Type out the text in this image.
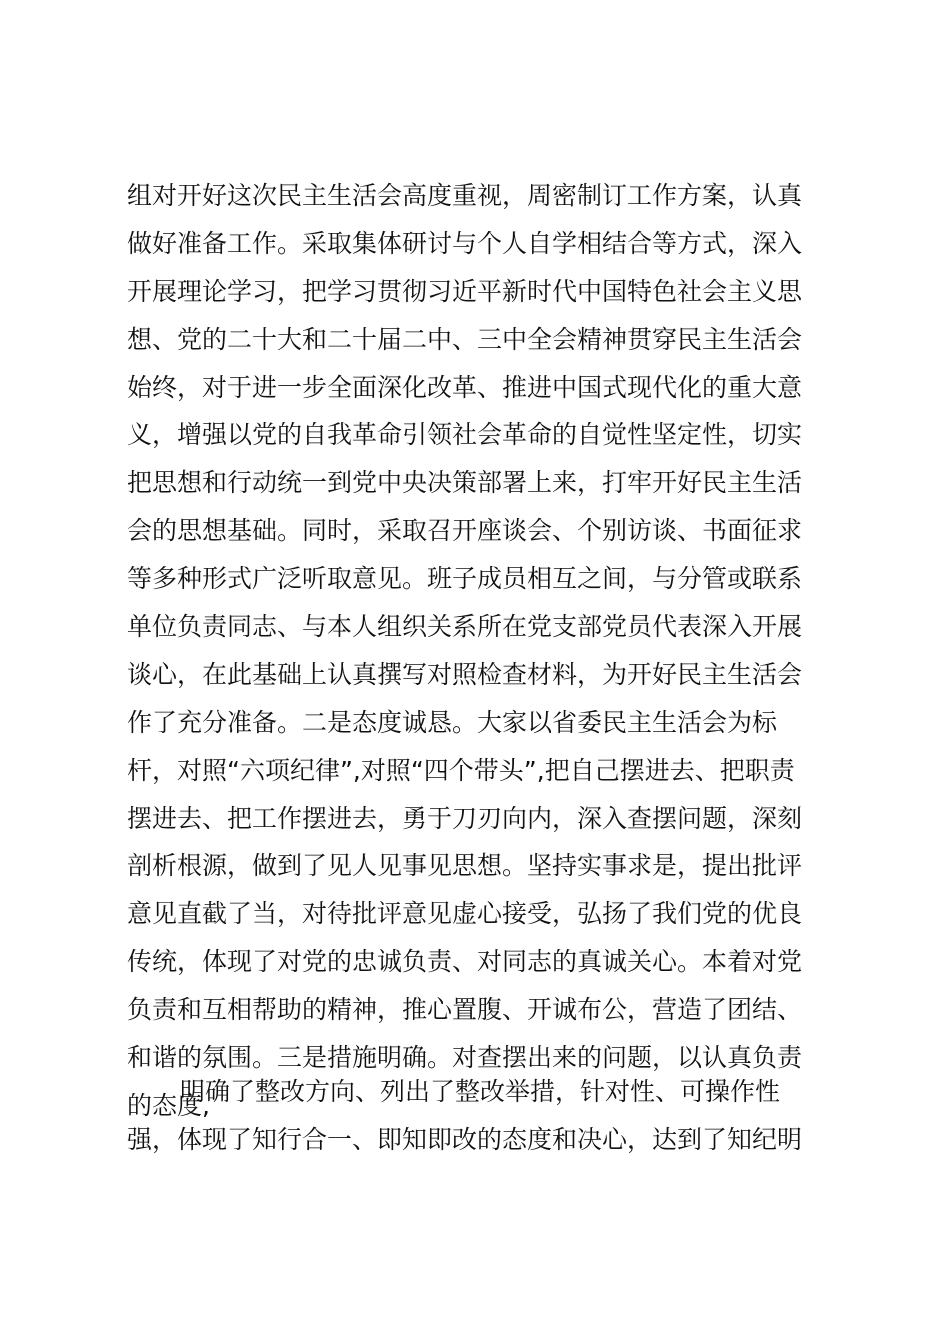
组对开好这次民主生活会高度重视，周密制订工作方案，认真
做好准备工作。采取集体研讨与个人自学相结合等方式，深入
开展理论学习，把学习贯彻习近平新时代中国特色社会主义思
想、党的二十大和二十届二中、三中全会精神贯穿民主生活会
始终，对于进一步全面深化改革、推进中国式现代化的重大意
义，增强以党的自我革命引领社会革命的自觉性坚定性，切实
把思想和行动统一到党中央决策部署上来，打牢开好民主生活
会的思想基础。同时，采取召开座谈会、个别访谈、书面征求
等多种形式广泛听取意见。班子成员相互之间，与分管或联系
单位负责同志、与本人组织关系所在党支部党员代表深入开展
谈心，在此基础上认真撰写对照检查材料，为开好民主生活会
作了充分准备。二是态度诚恳。大家以省委民主生活会为标
杆，对照“六项纪律”,对照“四个带头”,把自己摆进去、把职责
摆进去、把工作摆进去，勇于刀刃向内，深入查摆问题，深刻
剖析根源，做到了见人见事见思想。坚持实事求是，提出批评
意见直截了当，对待批评意见虚心接受，弘扬了我们党的优良
传统，体现了对党的忠诚负责、对同志的真诚关心。本着对党
负责和互相帮助的精神，推心置腹、开诚布公，营造了团结、
和谐的氛围。三是措施明确。对查摆出来的问题，以认真负责
的态度,
明确了整改方向、列出了整改举措，针对性、可操作性
强，体现了知行合一、即知即改的态度和决心，达到了知纪明
